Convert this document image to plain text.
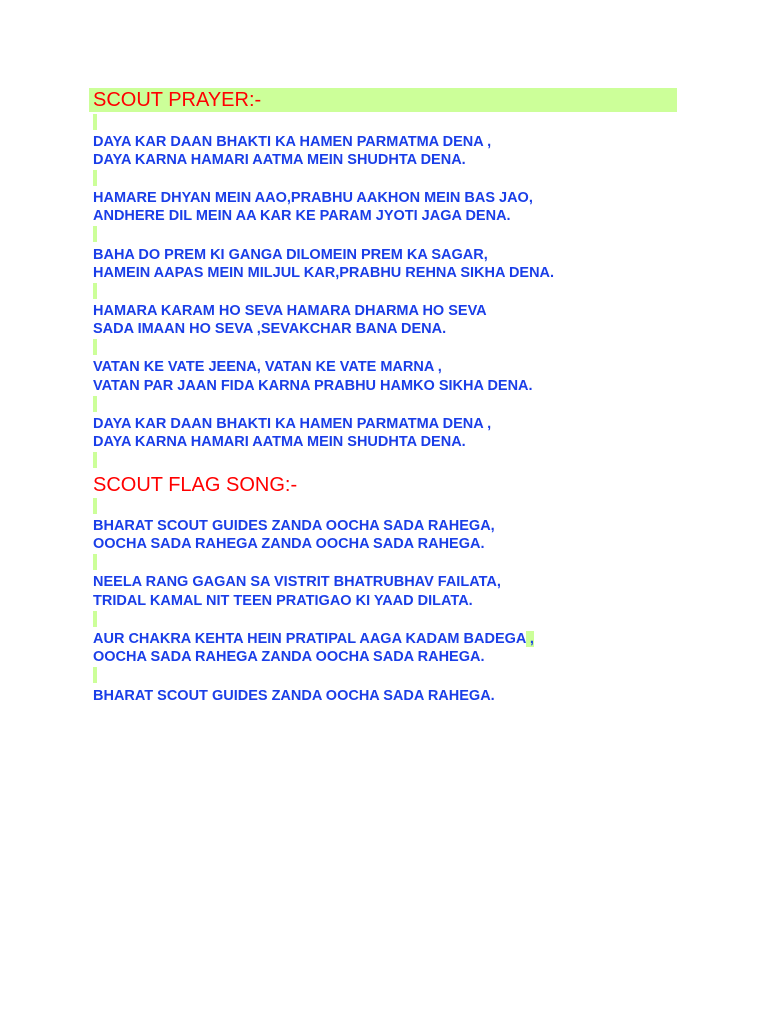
SCOUT PRAYER:-
DAYA KAR DAAN BHAKTI KA HAMEN PARMATMA DENA ,
DAYA KARNA HAMARI AATMA MEIN SHUDHTA DENA.
HAMARE DHYAN MEIN AAO,PRABHU AAKHON MEIN BAS JAO,
ANDHERE DIL MEIN AA KAR KE PARAM JYOTI JAGA DENA.
BAHA DO PREM KI GANGA DILOMEIN PREM KA SAGAR,
HAMEIN AAPAS MEIN MILJUL KAR,PRABHU REHNA SIKHA DENA.
HAMARA KARAM HO SEVA HAMARA DHARMA HO SEVA
SADA IMAAN HO SEVA ,SEVAKCHAR BANA DENA.
VATAN KE VATE JEENA, VATAN KE VATE MARNA ,
VATAN PAR JAAN FIDA KARNA PRABHU HAMKO SIKHA DENA.
DAYA KAR DAAN BHAKTI KA HAMEN PARMATMA DENA ,
DAYA KARNA HAMARI AATMA MEIN SHUDHTA DENA.
SCOUT FLAG SONG:-
BHARAT SCOUT GUIDES ZANDA OOCHA SADA RAHEGA,
OOCHA SADA RAHEGA ZANDA OOCHA SADA RAHEGA.
NEELA RANG GAGAN SA VISTRIT BHATRUBHAV FAILATA,
TRIDAL KAMAL NIT TEEN PRATIGAO KI YAAD DILATA.
AUR CHAKRA KEHTA HEIN PRATIPAL AAGA KADAM BADEGA ,
OOCHA SADA RAHEGA ZANDA OOCHA SADA RAHEGA.
BHARAT SCOUT GUIDES ZANDA OOCHA SADA RAHEGA.
